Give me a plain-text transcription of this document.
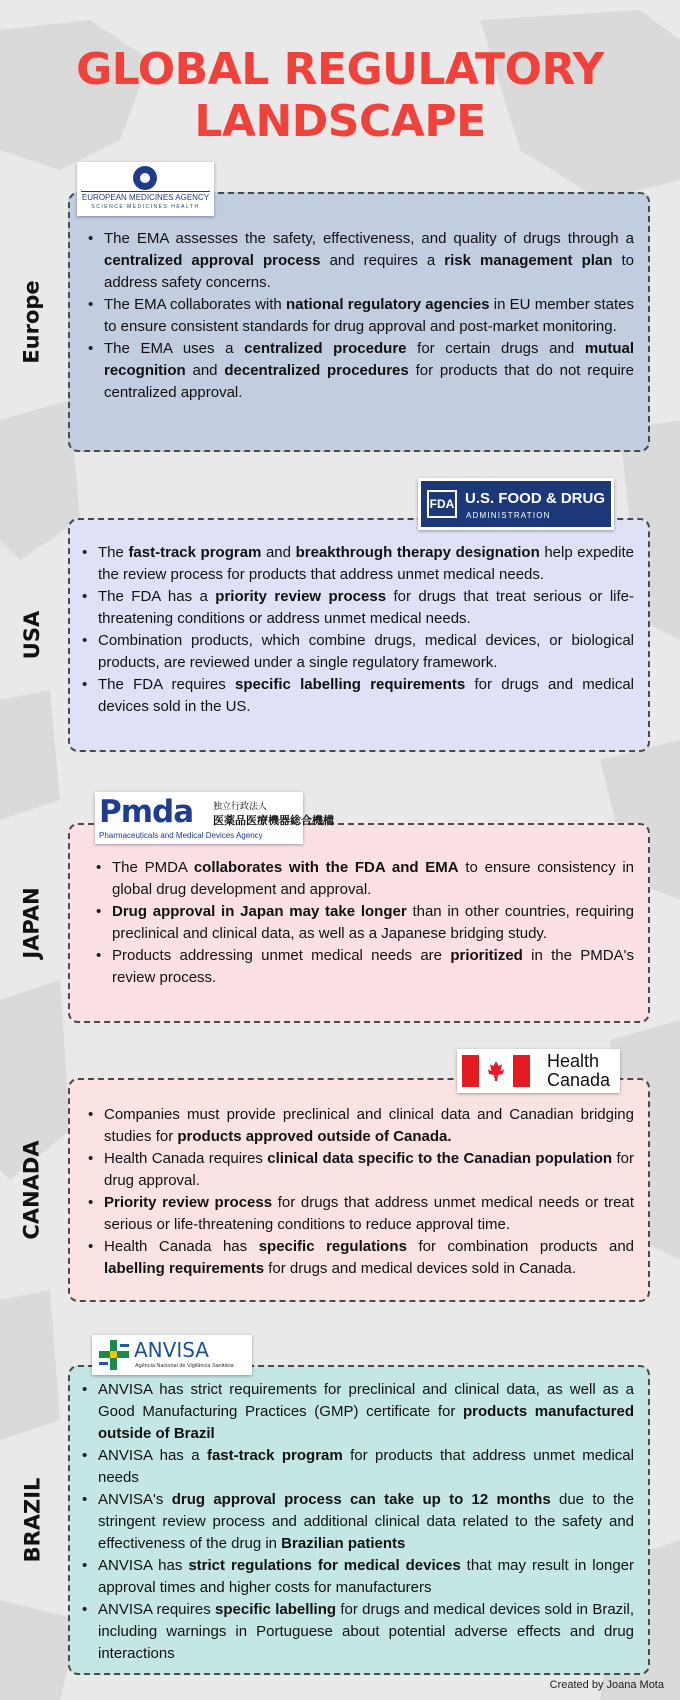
GLOBAL REGULATORY
LANDSCAPE
Europe
• The EMA assesses the safety, effectiveness, and quality of drugs through a centralized approval process and requires a risk management plan to address safety concerns.
• The EMA collaborates with national regulatory agencies in EU member states to ensure consistent standards for drug approval and post-market monitoring.
• The EMA uses a centralized procedure for certain drugs and mutual recognition and decentralized procedures for products that do not require centralized approval.
EUROPEAN MEDICINES AGENCY
SCIENCE MEDICINES HEALTH
USA
• The fast-track program and breakthrough therapy designation help expedite the review process for products that address unmet medical needs.
• The FDA has a priority review process for drugs that treat serious or life-threatening conditions or address unmet medical needs.
• Combination products, which combine drugs, medical devices, or biological products, are reviewed under a single regulatory framework.
• The FDA requires specific labelling requirements for drugs and medical devices sold in the US.
FDA U.S. FOOD & DRUG
ADMINISTRATION
JAPAN
• The PMDA collaborates with the FDA and EMA to ensure consistency in global drug development and approval.
• Drug approval in Japan may take longer than in other countries, requiring preclinical and clinical data, as well as a Japanese bridging study.
• Products addressing unmet medical needs are prioritized in the PMDA's review process.
Pmda 独立行政法人
医薬品医療機器総合機構
Pharmaceuticals and Medical Devices Agency
CANADA
• Companies must provide preclinical and clinical data and Canadian bridging studies for products approved outside of Canada.
• Health Canada requires clinical data specific to the Canadian population for drug approval.
• Priority review process for drugs that address unmet medical needs or treat serious or life-threatening conditions to reduce approval time.
• Health Canada has specific regulations for combination products and labelling requirements for drugs and medical devices sold in Canada.
Health
Canada
BRAZIL
• ANVISA has strict requirements for preclinical and clinical data, as well as a Good Manufacturing Practices (GMP) certificate for products manufactured outside of Brazil
• ANVISA has a fast-track program for products that address unmet medical needs
• ANVISA's drug approval process can take up to 12 months due to the stringent review process and additional clinical data related to the safety and effectiveness of the drug in Brazilian patients
• ANVISA has strict regulations for medical devices that may result in longer approval times and higher costs for manufacturers
• ANVISA requires specific labelling for drugs and medical devices sold in Brazil, including warnings in Portuguese about potential adverse effects and drug interactions
ANVISA
Agência Nacional de Vigilância Sanitária
Created by Joana Mota
